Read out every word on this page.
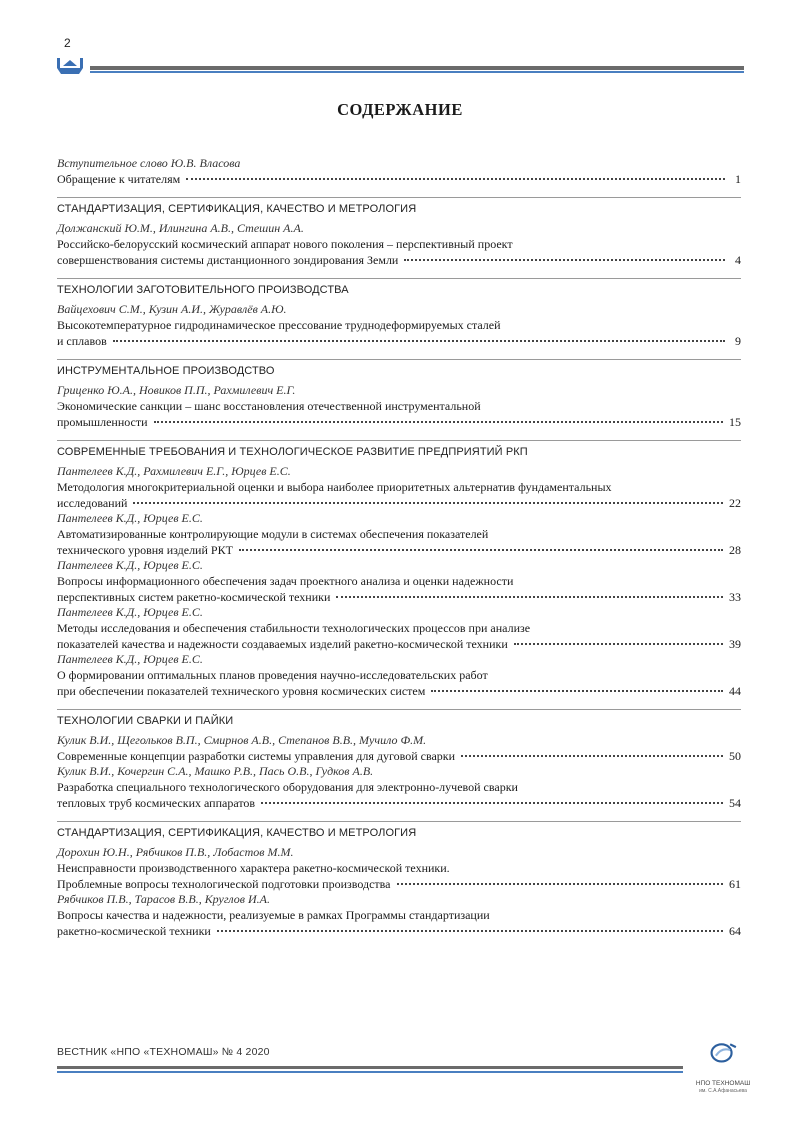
2
СОДЕРЖАНИЕ
Вступительное слово Ю.В. Власова
Обращение к читателям	1
СТАНДАРТИЗАЦИЯ, СЕРТИФИКАЦИЯ, КАЧЕСТВО И МЕТРОЛОГИЯ
Должанский Ю.М., Илингина А.В., Стешин А.А.
Российско-белорусский космический аппарат нового поколения – перспективный проект
совершенствования системы дистанционного зондирования Земли	4
ТЕХНОЛОГИИ ЗАГОТОВИТЕЛЬНОГО ПРОИЗВОДСТВА
Вайцехович С.М., Кузин А.И., Журавлёв А.Ю.
Высокотемпературное гидродинамическое прессование труднодеформируемых сталей
и сплавов	9
ИНСТРУМЕНТАЛЬНОЕ ПРОИЗВОДСТВО
Гриценко Ю.А., Новиков П.П., Рахмилевич Е.Г.
Экономические санкции – шанс восстановления отечественной инструментальной
промышленности	15
СОВРЕМЕННЫЕ ТРЕБОВАНИЯ И ТЕХНОЛОГИЧЕСКОЕ РАЗВИТИЕ ПРЕДПРИЯТИЙ РКП
Пантелеев К.Д., Рахмилевич Е.Г., Юрцев Е.С.
Методология многокритериальной оценки и выбора наиболее приоритетных альтернатив фундаментальных
исследований	22
Пантелеев К.Д., Юрцев Е.С.
Автоматизированные контролирующие модули в системах обеспечения показателей
технического уровня изделий РКТ	28
Пантелеев К.Д., Юрцев Е.С.
Вопросы информационного обеспечения задач проектного анализа и оценки надежности
перспективных систем ракетно-космической техники	33
Пантелеев К.Д., Юрцев Е.С.
Методы исследования и обеспечения стабильности технологических процессов при анализе
показателей качества и надежности создаваемых изделий ракетно-космической техники	39
Пантелеев К.Д., Юрцев Е.С.
О формировании оптимальных планов проведения научно-исследовательских работ
при обеспечении показателей технического уровня космических систем	44
ТЕХНОЛОГИИ СВАРКИ И ПАЙКИ
Кулик В.И., Щегольков В.П., Смирнов А.В., Степанов В.В., Мучило Ф.М.
Современные концепции разработки системы управления для дуговой сварки	50
Кулик В.И., Кочергин С.А., Машко Р.В., Пась О.В., Гудков А.В.
Разработка специального технологического оборудования для электронно-лучевой сварки
тепловых труб космических аппаратов	54
СТАНДАРТИЗАЦИЯ, СЕРТИФИКАЦИЯ, КАЧЕСТВО И МЕТРОЛОГИЯ
Дорохин Ю.Н., Рябчиков П.В., Лобастов М.М.
Неисправности производственного характера ракетно-космической техники.
Проблемные вопросы технологической подготовки производства	61
Рябчиков П.В., Тарасов В.В., Круглов И.А.
Вопросы качества и надежности, реализуемые в рамках Программы стандартизации
ракетно-космической техники	64
ВЕСТНИК «НПО «ТЕХНОМАШ» № 4 2020
НПО ТЕХНОМАШ
им. С.А.Афанасьева
